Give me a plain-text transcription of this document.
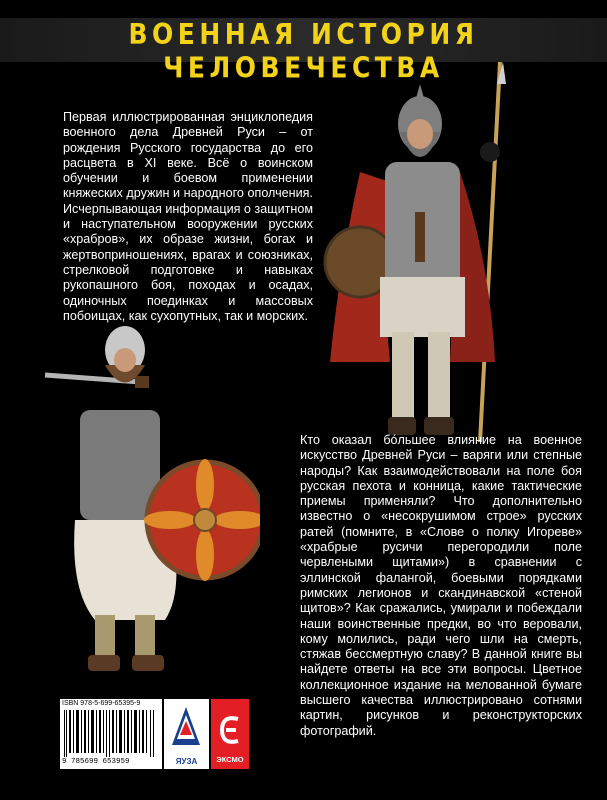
ВОЕННАЯ ИСТОРИЯ ЧЕЛОВЕЧЕСТВА
Первая иллюстрированная энциклопедия военного дела Древней Руси – от рождения Русского государства до его расцвета в XI веке. Всё о воинском обучении и боевом применении княжеских дружин и народного ополчения. Исчерпывающая информация о защитном и наступательном вооружении русских «храбров», их образе жизни, богах и жертвоприношениях, врагах и союзниках, стрелковой подготовке и навыках рукопашного боя, походах и осадах, одиночных поединках и массовых побоищах, как сухопутных, так и морских.
Кто оказал бóльшее влияние на военное искусство Древней Руси – варяги или степные народы? Как взаимодействовали на поле боя русская пехота и конница, какие тактические приемы применяли? Что дополнительно известно о «несокрушимом строе» русских ратей (помните, в «Слове о полку Игореве» «храбрые русичи перегородили поле червлеными щитами») в сравнении с эллинской фалангой, боевыми порядками римских легионов и скандинавской «стеной щитов»? Как сражались, умирали и побеждали наши воинственные предки, во что веровали, кому молились, ради чего шли на смерть, стяжав бессмертную славу? В данной книге вы найдете ответы на все эти вопросы. Цветное коллекционное издание на мелованной бумаге высшего качества иллюстрировано сотнями картин, рисунков и реконструкторских фотографий.
ISBN 978-5-699-65395-9
9 785699 653959	ЯУЗА	ЭКСМО
